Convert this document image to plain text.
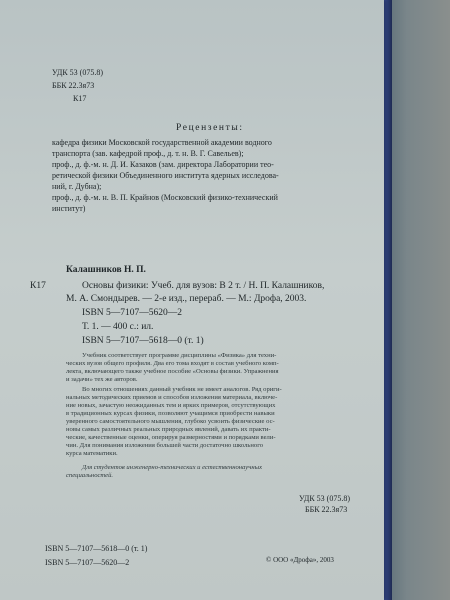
УДК 53 (075.8)
ББК 22.3я73
К17
Рецензенты:
кафедра физики Московской государственной академии водного
транспорта (зав. кафедрой проф., д. т. н. В. Г. Савельев);
проф., д. ф.-м. н. Д. И. Казаков (зам. директора Лаборатории тео-
ретической физики Объединенного института ядерных исследова-
ний, г. Дубна);
проф., д. ф.-м. н. В. П. Крайнов (Московский физико-технический
институт)
Калашников Н. П.
К17	Основы физики: Учеб. для вузов: В 2 т. / Н. П. Калашников,
М. А. Смондырев. — 2-е изд., перераб. — М.: Дрофа, 2003.
ISBN 5—7107—5620—2
Т. 1. — 400 с.: ил.
ISBN 5—7107—5618—0 (т. 1)
Учебник соответствует программе дисциплины «Физика» для техни-
ческих вузов общего профиля. Два его тома входят в состав учебного комп-
лекта, включающего также учебное пособие «Основы физики. Упражнения
и задачи» тех же авторов.
Во многих отношениях данный учебник не имеет аналогов. Ряд ориги-
нальных методических приемов и способов изложения материала, включе-
ние новых, зачастую неожиданных тем и ярких примеров, отсутствующих
в традиционных курсах физики, позволяют учащимся приобрести навыки
уверенного самостоятельного мышления, глубоко усвоить физические ос-
новы самых различных реальных природных явлений, давать их практи-
ческие, качественные оценки, оперируя размерностями и порядками вели-
чин. Для понимания изложения большей части достаточно школьного
курса математики.
Для студентов инженерно-технических и естественнонаучных
специальностей.
УДК 53 (075.8)
ББК 22.3я73
ISBN 5—7107—5618—0 (т. 1)
ISBN 5—7107—5620—2	© ООО «Дрофа», 2003
